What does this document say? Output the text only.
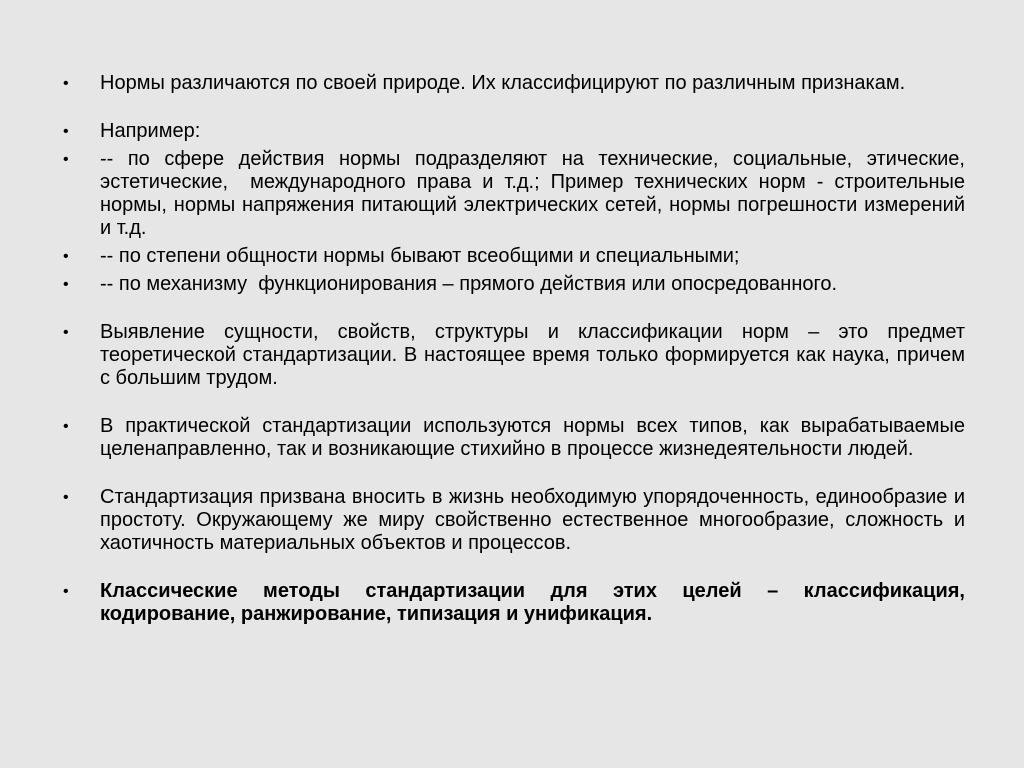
•	Нормы различаются по своей природе. Их классифицируют по различным признакам.
•	Например:
•	-- по сфере действия нормы подразделяют на технические, социальные, этические, эстетические,  международного права и т.д.; Пример технических норм - строительные нормы, нормы напряжения питающий электрических сетей, нормы погрешности измерений и т.д.
•	-- по степени общности нормы бывают всеобщими и специальными;
•	-- по механизму  функционирования – прямого действия или опосредованного.
•	Выявление сущности, свойств, структуры и классификации норм – это предмет теоретической стандартизации. В настоящее время только формируется как наука, причем с большим трудом.
•	В практической стандартизации используются нормы всех типов, как вырабатываемые целенаправленно, так и возникающие стихийно в процессе жизнедеятельности людей.
•	Стандартизация призвана вносить в жизнь необходимую упорядоченность, единообразие и простоту. Окружающему же миру свойственно естественное многообразие, сложность и хаотичность материальных объектов и процессов.
•	Классические методы стандартизации для этих целей – классификация, кодирование, ранжирование, типизация и унификация.
